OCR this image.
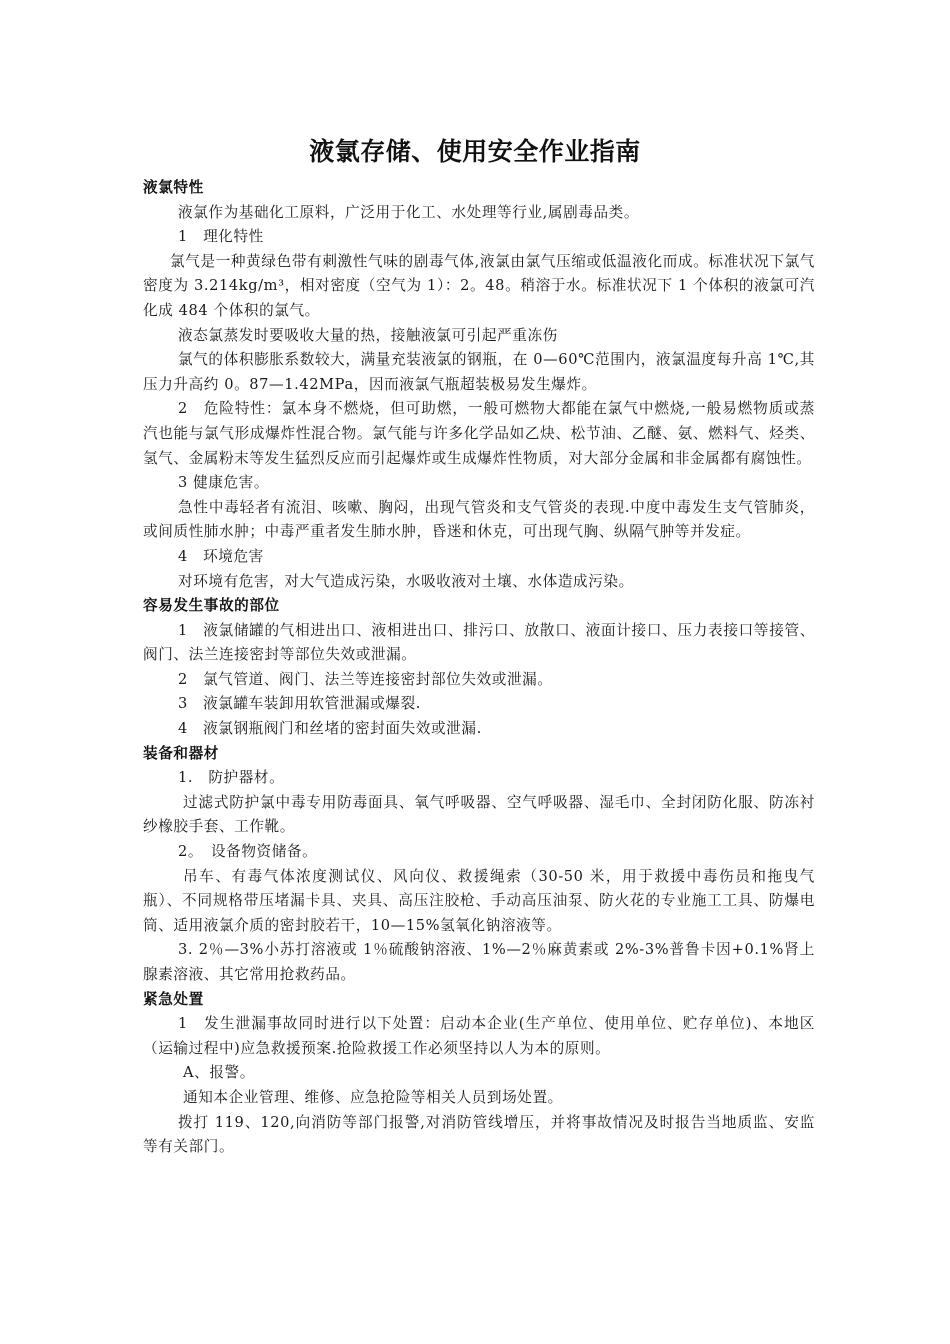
液氯存储、使用安全作业指南

液氯特性

液氯作为基础化工原料，广泛用于化工、水处理等行业,属剧毒品类。

1　理化特性

氯气是一种黄绿色带有刺激性气味的剧毒气体,液氯由氯气压缩或低温液化而成。标准状况下氯气密度为 3.214kg/m³，相对密度（空气为 1）：2。48。稍溶于水。标准状况下 1 个体积的液氯可汽化成 484 个体积的氯气。

液态氯蒸发时要吸收大量的热，接触液氯可引起严重冻伤

氯气的体积膨胀系数较大，满量充装液氯的钢瓶，在 0—60℃范围内，液氯温度每升高 1℃,其压力升高约 0。87—1.42MPa，因而液氯气瓶超装极易发生爆炸。

2　危险特性：氯本身不燃烧，但可助燃，一般可燃物大都能在氯气中燃烧,一般易燃物质或蒸汽也能与氯气形成爆炸性混合物。氯气能与许多化学品如乙炔、松节油、乙醚、氨、燃料气、烃类、氢气、金属粉末等发生猛烈反应而引起爆炸或生成爆炸性物质，对大部分金属和非金属都有腐蚀性。

3 健康危害。

急性中毒轻者有流泪、咳嗽、胸闷，出现气管炎和支气管炎的表现.中度中毒发生支气管肺炎，或间质性肺水肿；中毒严重者发生肺水肿，昏迷和休克，可出现气胸、纵隔气肿等并发症。

4　环境危害

对环境有危害，对大气造成污染，水吸收液对土壤、水体造成污染。

容易发生事故的部位

1　液氯储罐的气相进出口、液相进出口、排污口、放散口、液面计接口、压力表接口等接管、阀门、法兰连接密封等部位失效或泄漏。

2　氯气管道、阀门、法兰等连接密封部位失效或泄漏。

3　液氯罐车装卸用软管泄漏或爆裂.

4　液氯钢瓶阀门和丝堵的密封面失效或泄漏.

装备和器材

1.　防护器材。

过滤式防护氯中毒专用防毒面具、氧气呼吸器、空气呼吸器、湿毛巾、全封闭防化服、防冻衬纱橡胶手套、工作靴。

2。　设备物资储备。

吊车、有毒气体浓度测试仪、风向仪、救援绳索（30-50 米，用于救援中毒伤员和拖曳气瓶）、不同规格带压堵漏卡具、夹具、高压注胶枪、手动高压油泵、防火花的专业施工工具、防爆电筒、适用液氯介质的密封胶若干，10—15%氢氧化钠溶液等。

3. 2％—3%小苏打溶液或 1％硫酸钠溶液、1%—2％麻黄素或 2%-3%普鲁卡因+0.1%肾上腺素溶液、其它常用抢救药品。

紧急处置

1　发生泄漏事故同时进行以下处置：启动本企业(生产单位、使用单位、贮存单位)、本地区（运输过程中)应急救援预案.抢险救援工作必须坚持以人为本的原则。

A、报警。

通知本企业管理、维修、应急抢险等相关人员到场处置。

拨打 119、120,向消防等部门报警,对消防管线增压，并将事故情况及时报告当地质监、安监等有关部门。
